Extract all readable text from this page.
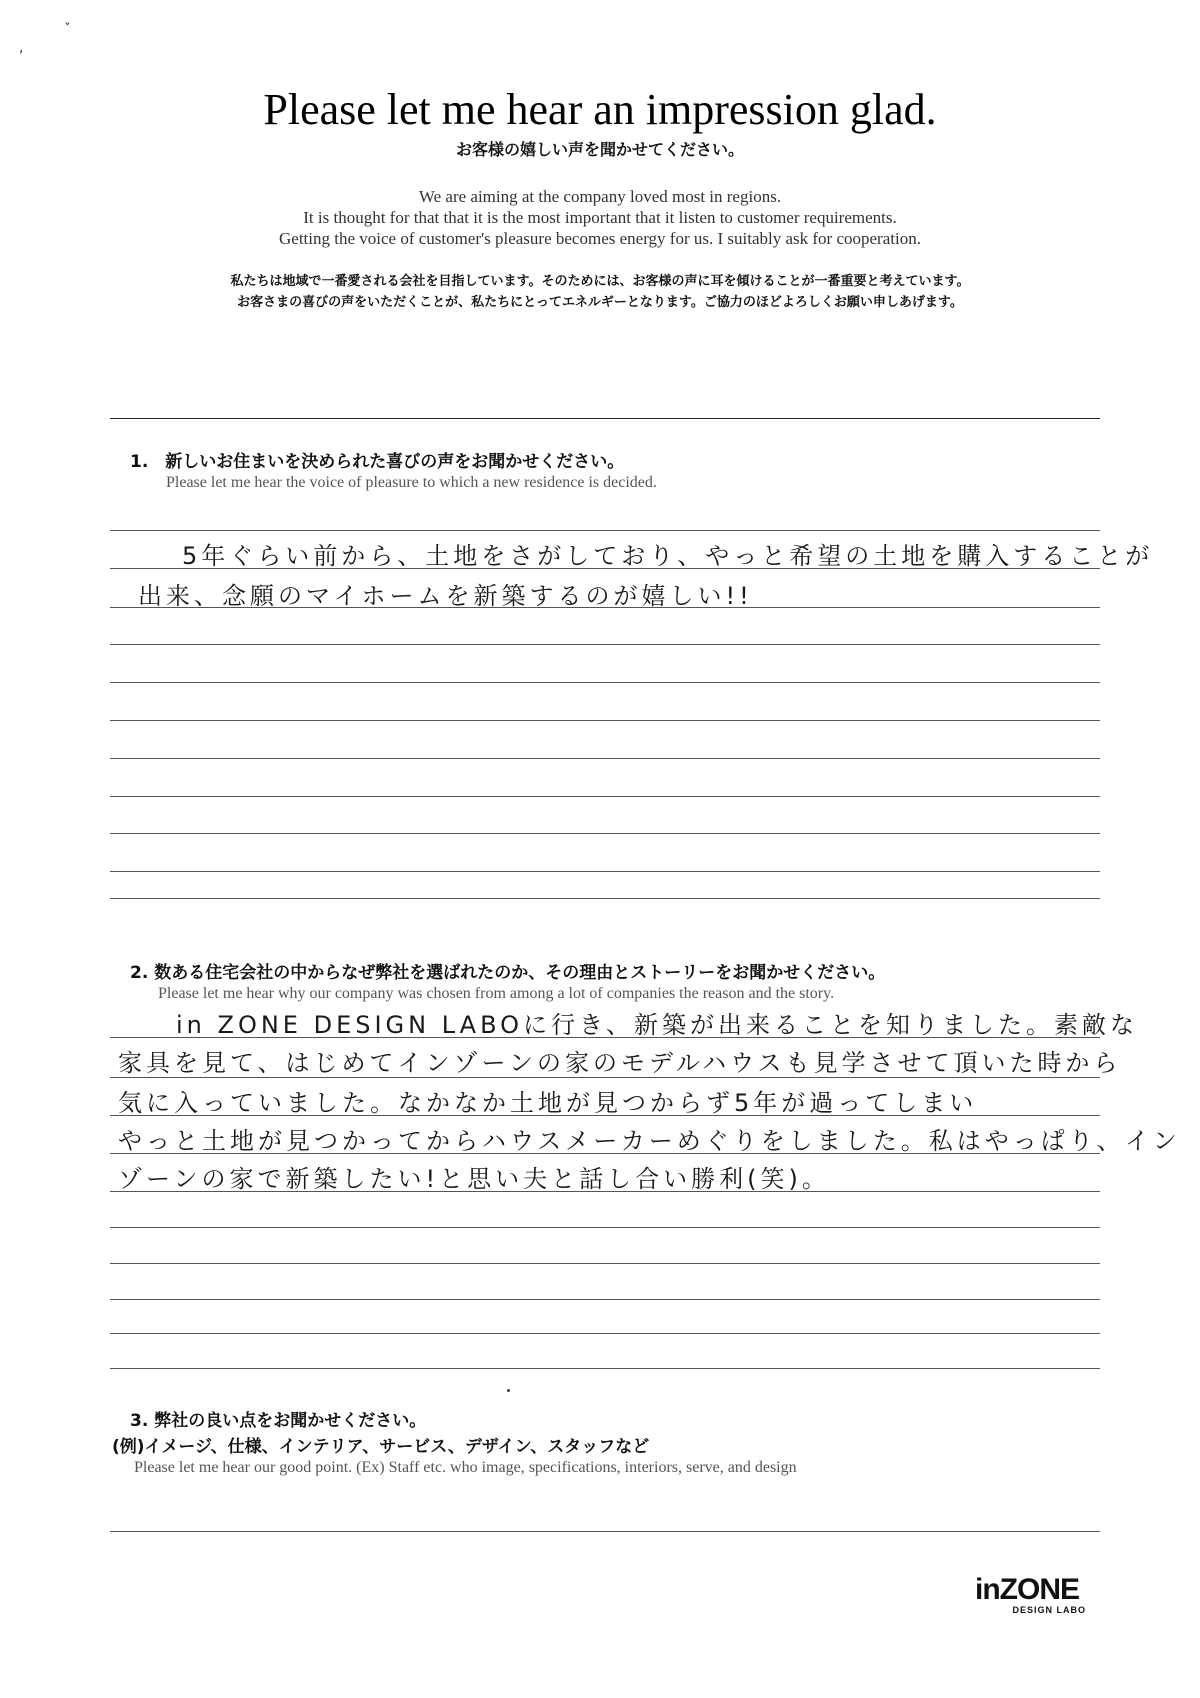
ˇ
,
Please let me hear an impression glad.
お客様の嬉しい声を聞かせてください。
We are aiming at the company loved most in regions.
It is thought for that that it is the most important that it listen to customer requirements.
Getting the voice of customer's pleasure becomes energy for us. I suitably ask for cooperation.
私たちは地域で一番愛される会社を目指しています。そのためには、お客様の声に耳を傾けることが一番重要と考えています。
お客さまの喜びの声をいただくことが、私たちにとってエネルギーとなります。ご協力のほどよろしくお願い申しあげます。
1.　新しいお住まいを決められた喜びの声をお聞かせください。
Please let me hear the voice of pleasure to which a new residence is decided.
5年ぐらい前から、土地をさがしており、やっと希望の土地を購入することが
出来、念願のマイホームを新築するのが嬉しい!!
2. 数ある住宅会社の中からなぜ弊社を選ばれたのか、その理由とストーリーをお聞かせください。
Please let me hear why our company was chosen from among a lot of companies the reason and the story.
in ZONE DESIGN LABOに行き、新築が出来ることを知りました。素敵な
家具を見て、はじめてインゾーンの家のモデルハウスも見学させて頂いた時から
気に入っていました。なかなか土地が見つからず5年が過ってしまい
やっと土地が見つかってからハウスメーカーめぐりをしました。私はやっぱり、イン
ゾーンの家で新築したい!と思い夫と話し合い勝利(笑)。
3. 弊社の良い点をお聞かせください。
(例)イメージ、仕様、インテリア、サービス、デザイン、スタッフなど
Please let me hear our good point. (Ex) Staff etc. who image, specifications, interiors, serve, and design
inZONE
DESIGN LABO
